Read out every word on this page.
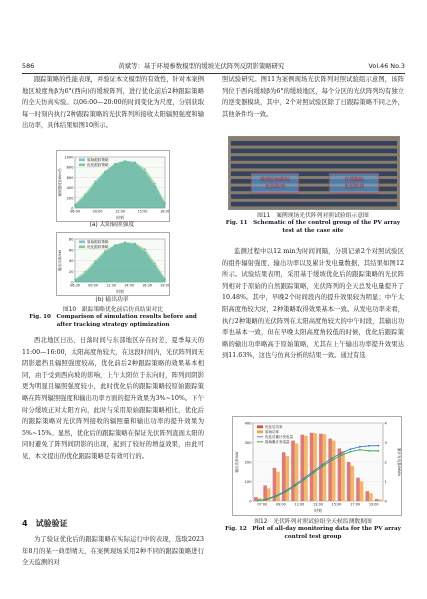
586	黄斌等：基于环境参数模型的缓坡光伏阵列反阴影策略研究	Vol.46 No.3

跟踪策略的性能表现，并验证本文模型的有效性，针对本案例地区坡度角β为6°(西向)的缓坡阵列，进行优化前后2种跟踪策略的全天仿真实验。以06:00—20:00的时间变化为尺度，分别获取每一时刻内执行2种跟踪策略的光伏阵列所接收太阳辐照强度和输出功率，具体结果如图10所示。

0
200
400
600
800
1000
06:00	09:00	12:00	15:00	18:00
时刻
辐照强度/(W/m²)
原始跟踪策略
优化跟踪策略
(a) 太阳辐照强度
0
20
40
60
80
06:30 09:00 11:30 14:00 16:30 19:00
时刻
输出功率/kW
原始跟踪策略
优化跟踪策略
(b) 输出功率
图10　跟踪策略优化前后仿真结果对比
Fig. 10　Comparison of simulation results before and
after tracking strategy optimization

西北地区日出、日落时间与东部地区存在时差，夏季每天的11:00—16:00，太阳高度角较大，在这段时间内，光伏阵列间无阴影遮挡且辐照强度较高，优化前后2种跟踪策略的效果基本相同，由于受到西向坡的影响，上午太阳位于东向时，阵列间阴影更为明显且辐照强度较小，此时优化后的跟踪策略较原始跟踪策略在阵列辐照强度和输出功率方面的提升效果为3%~10%。下午时分缓坡正对太阳方向，此时与采用原始跟踪策略相比，优化后的跟踪策略对光伏阵列接收的辐照量和输出功率的提升效果为5%~15%。显然，优化后的跟踪策略在保证光伏阵列直面太阳的同时避免了阵列间阴影的出现，起到了较好的增益效果，由此可见，本文提出的优化跟踪策略是有效可行的。

4　试验验证

为了验证优化后的跟踪策略在实际运行中的表现，选取2023年8月的某一典型晴天，在案例现场采用2种不同的跟踪策略进行全天监测的对

照试验研究。图11为案例现场光伏阵列对照试验组示意图，该阵列位于西向缓坡β为6°的缓坡地区，每个分区的光伏阵列均有独立的逆变器模块，其中，2个对照试验区除了日跟踪策略不同之外，其他条件均一致。

缓坡原始跟踪
光伏阵列
自然跟踪
光伏阵列
图11　案例现场光伏阵列对照试验组示意图
Fig. 11　Schematic of the control group of the PV array
test at the case site

监测过程中以12 min为时间间隔，分别记录2个对照试验区的组件辐射强度、输出功率以及累计发电量数据，其结果如图12所示。试验结果表明，采用基于缓坡优化后的跟踪策略的光伏阵列相对于原始的自然跟踪策略，光伏阵列的全天总发电量提升了10.48%。其中，早晚2个时间段内的提升效果较为明显；中午太阳高度角较大时，2种策略取得效果基本一致。从发电功率来看，执行2种策略的光伏阵列在太阳高度角较大的中午时段，其输出功率也基本一致，但在早晚太阳高度角较低的时候，优化后跟踪策略的输出功率略高于原始策略，尤其在上午输出功率提升效果达到11.63%，这也与仿真分析的结果一致。通过有选

0
100
200
300
400
0
1
2
3
4
07:00	09:00	11:00	13:00	15:00	17:00	19:00
时刻
输出功率/kW	累计发电量/MWh
优化后功率
原始功率
优化后累计发电量
原始累计发电量
图12　光伏阵列对照试验组全天候监测数据图
Fig. 12　Plot of all-day monitoring data for the PV array
control test group
